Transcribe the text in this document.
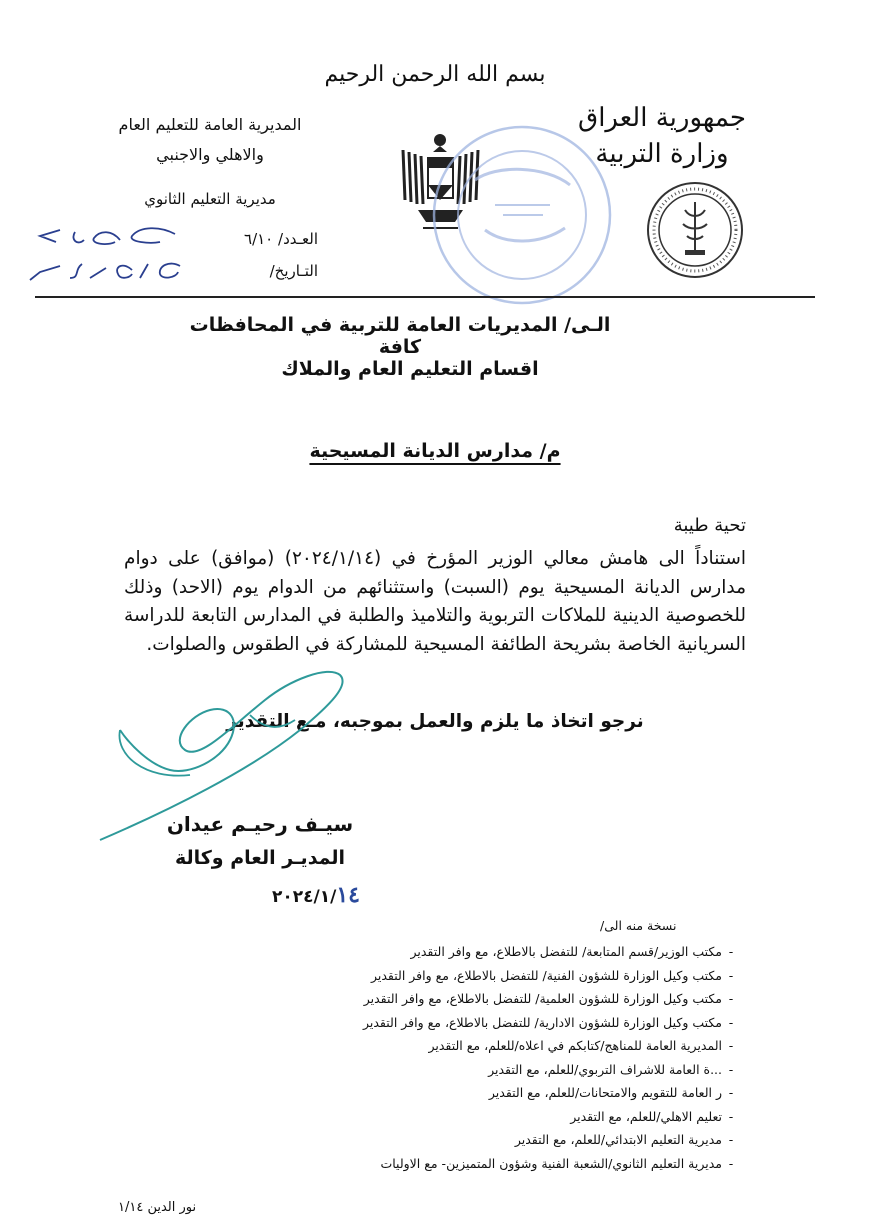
بسم الله الرحمن الرحيم
جمهورية العراق
وزارة التربية
المديرية العامة للتعليم العام
والاهلي والاجنبي
مديرية التعليم الثانوي
العـدد/ ٦/١٠
التـاريخ/
الـى/ المديريات العامة للتربية في المحافظات كافة
اقسام التعليم العام والملاك
م/ مدارس الديانة المسيحية
تحية طيبة
استناداً الى هامش معالي الوزير المؤرخ في (٢٠٢٤/١/١٤) (موافق) على دوام مدارس الديانة المسيحية يوم (السبت) واستثنائهم من الدوام يوم (الاحد) وذلك للخصوصية الدينية للملاكات التربوية والتلاميذ والطلبة في المدارس التابعة للدراسة السريانية الخاصة بشريحة الطائفة المسيحية للمشاركة في الطقوس والصلوات.
نرجو اتخاذ ما يلزم والعمل بموجبه، مـع التقدير
سيـف رحيـم عيدان
المديـر العام وكالة
٢٠٢٤/١/١٤
نسخة منه الى/
-مكتب الوزير/قسم المتابعة/ للتفضل بالاطلاع، مع وافر التقدير
-مكتب وكيل الوزارة للشؤون الفنية/ للتفضل بالاطلاع، مع وافر التقدير
-مكتب وكيل الوزارة للشؤون العلمية/ للتفضل بالاطلاع، مع وافر التقدير
-مكتب وكيل الوزارة للشؤون الادارية/ للتفضل بالاطلاع، مع وافر التقدير
-المديرية العامة للمناهج/كتابكم في اعلاه/للعلم، مع التقدير
-...ة العامة للاشراف التربوي/للعلم، مع التقدير
-ر العامة للتقويم والامتحانات/للعلم، مع التقدير
-تعليم الاهلي/للعلم، مع التقدير
-مديرية التعليم الابتدائي/للعلم، مع التقدير
-مديرية التعليم الثانوي/الشعبة الفنية وشؤون المتميزين- مع الاوليات
نور الدين ١/١٤
